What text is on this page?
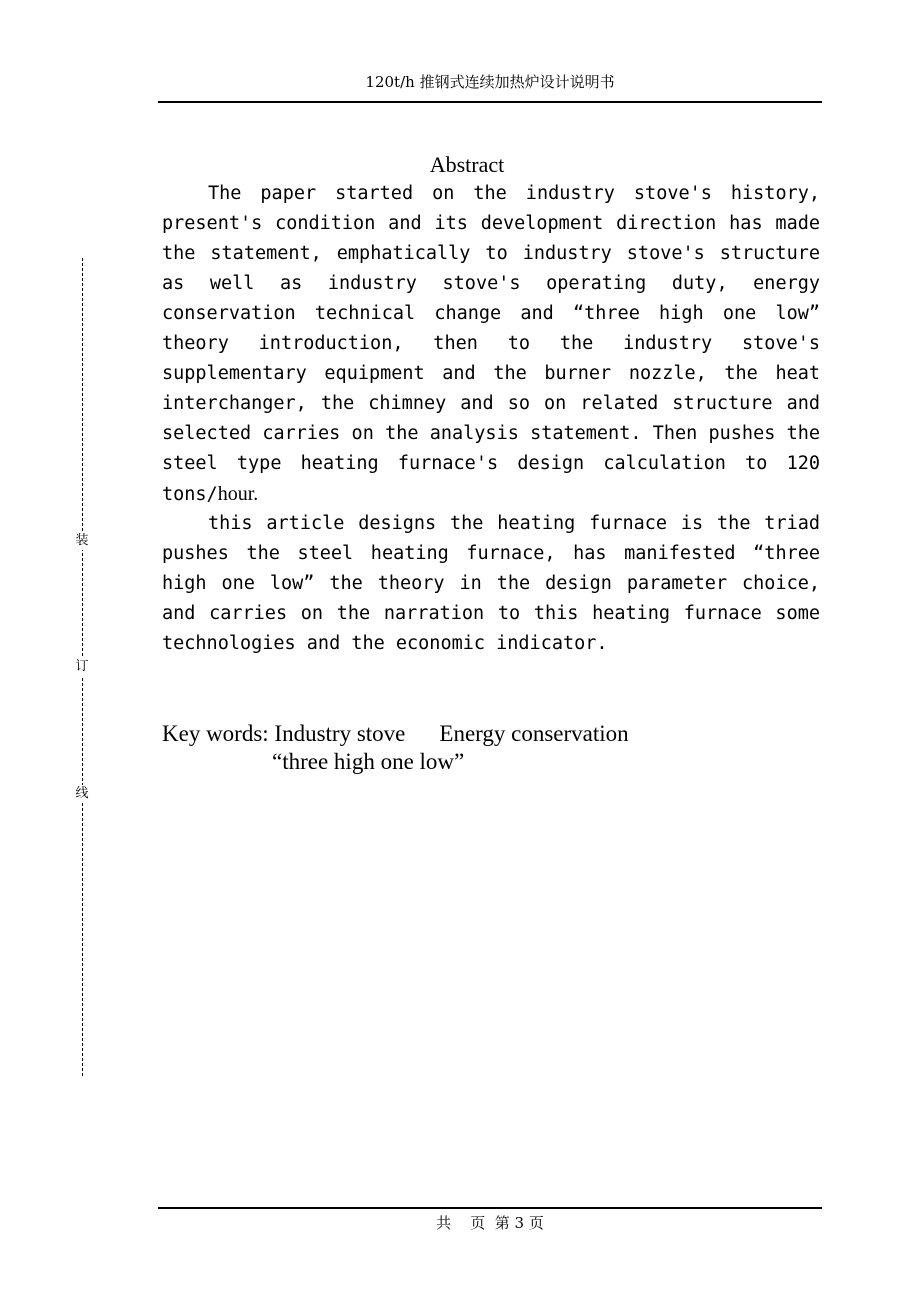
120t/h 推钢式连续加热炉设计说明书
装
订
线
Abstract

The paper started on the industry stove's history, present's condition and its development direction has made the statement, emphatically to industry stove's structure as well as industry stove's operating duty, energy conservation technical change and “three high one low” theory introduction, then to the industry stove's supplementary equipment and the burner nozzle, the heat interchanger, the chimney and so on related structure and selected carries on the analysis statement. Then pushes the steel type heating furnace's design calculation to 120 tons/hour.

this article designs the heating furnace is the triad pushes the steel heating furnace, has manifested “three high one low” the theory in the design parameter choice, and carries on the narration to this heating furnace some technologies and the economic indicator.

Key words: Industry stove Energy conservation
“three high one low”
共    页  第 3 页
